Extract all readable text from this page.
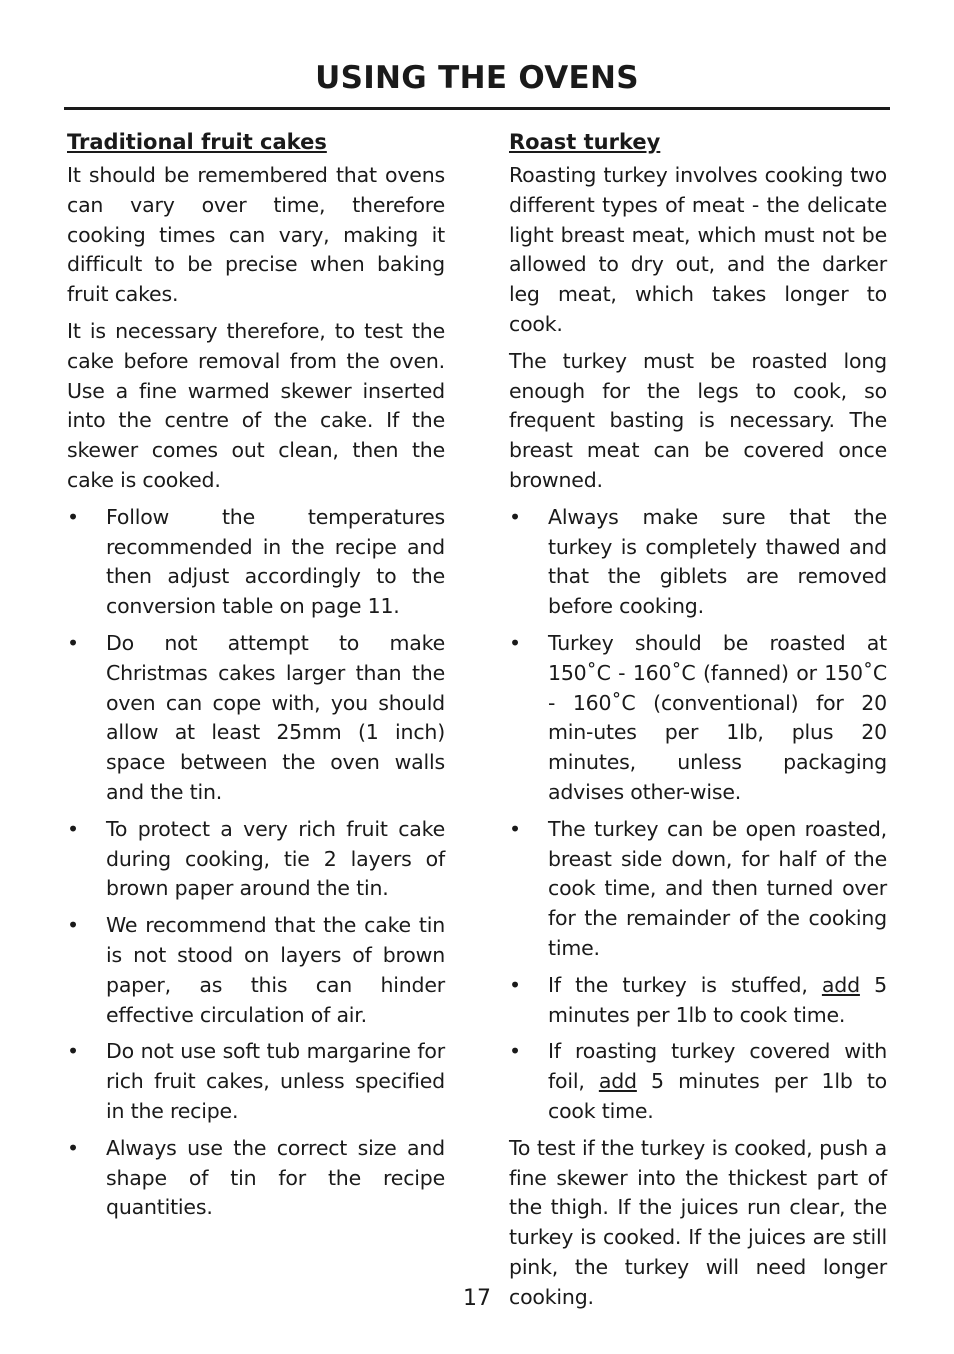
USING THE OVENS
Traditional fruit cakes

It should be remembered that ovens can vary over time, therefore cooking times can vary, making it difficult to be precise when baking fruit cakes.

It is necessary therefore, to test the cake before removal from the oven. Use a fine warmed skewer inserted into the centre of the cake. If the skewer comes out clean, then the cake is cooked.

• Follow the temperatures recommended in the recipe and then adjust accordingly to the conversion table on page 11.
• Do not attempt to make Christmas cakes larger than the oven can cope with, you should allow at least 25mm (1 inch) space between the oven walls and the tin.
• To protect a very rich fruit cake during cooking, tie 2 layers of brown paper around the tin.
• We recommend that the cake tin is not stood on layers of brown paper, as this can hinder effective circulation of air.
• Do not use soft tub margarine for rich fruit cakes, unless specified in the recipe.
• Always use the correct size and shape of tin for the recipe quantities.
Roast turkey

Roasting turkey involves cooking two different types of meat - the delicate light breast meat, which must not be allowed to dry out, and the darker leg meat, which takes longer to cook.

The turkey must be roasted long enough for the legs to cook, so frequent basting is necessary. The breast meat can be covered once browned.

• Always make sure that the turkey is completely thawed and that the giblets are removed before cooking.
• Turkey should be roasted at 150˚C - 160˚C (fanned) or 150˚C - 160˚C (conventional) for 20 min-utes per 1lb, plus 20 minutes, unless packaging advises other-wise.
• The turkey can be open roasted, breast side down, for half of the cook time, and then turned over for the remainder of the cooking time.
• If the turkey is stuffed, add 5 minutes per 1lb to cook time.
• If roasting turkey covered with foil, add 5 minutes per 1lb to cook time.

To test if the turkey is cooked, push a fine skewer into the thickest part of the thigh. If the juices run clear, the turkey is cooked. If the juices are still pink, the turkey will need longer cooking.

17
